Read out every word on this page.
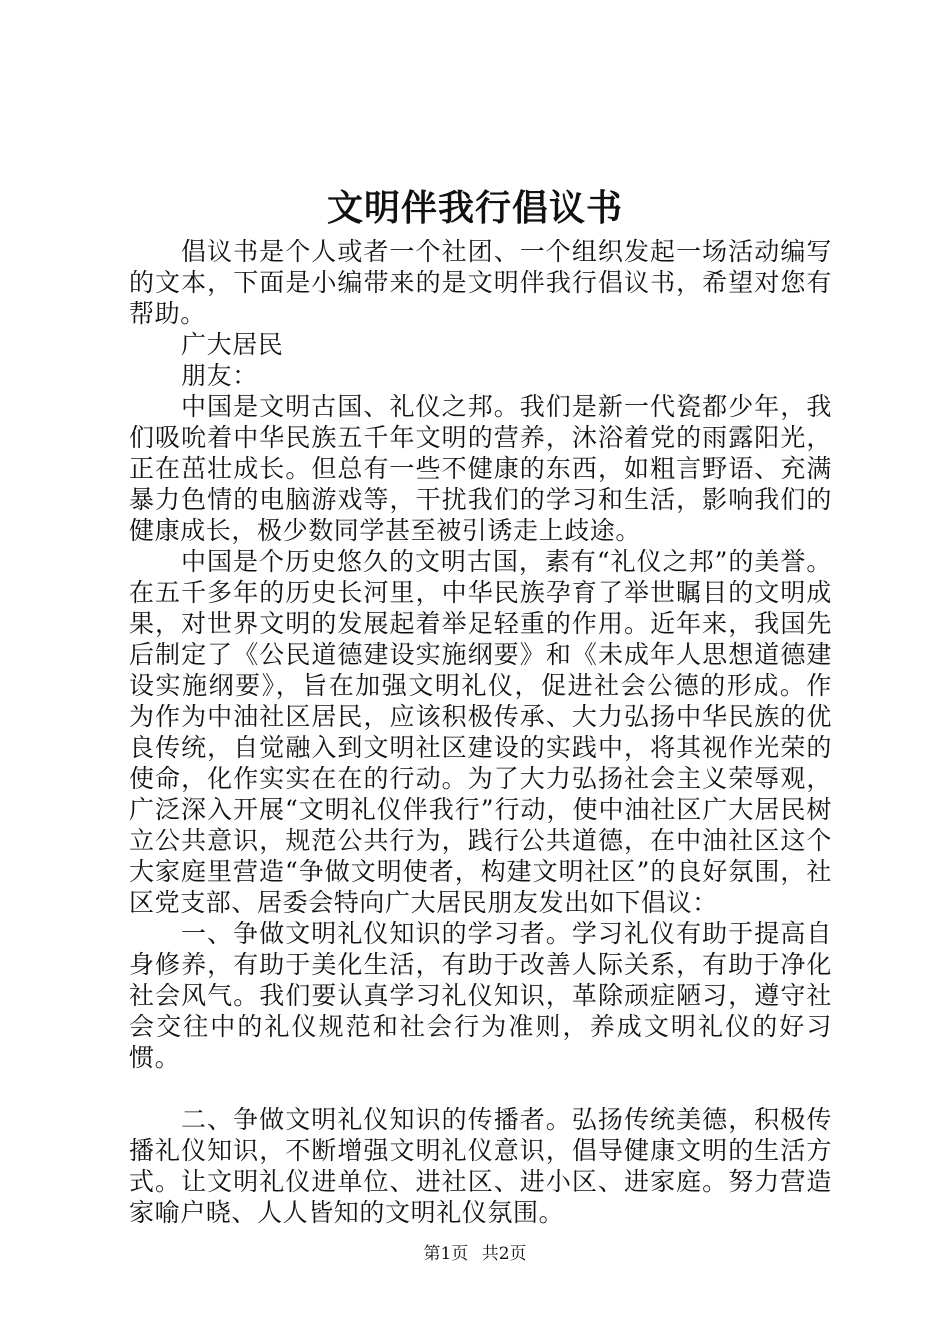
文明伴我行倡议书

倡议书是个人或者一个社团、一个组织发起一场活动编写的文本，下面是小编带来的是文明伴我行倡议书，希望对您有帮助。

广大居民

朋友：

中国是文明古国、礼仪之邦。我们是新一代瓷都少年，我们吸吮着中华民族五千年文明的营养，沐浴着党的雨露阳光，正在茁壮成长。但总有一些不健康的东西，如粗言野语、充满暴力色情的电脑游戏等，干扰我们的学习和生活，影响我们的健康成长，极少数同学甚至被引诱走上歧途。

中国是个历史悠久的文明古国，素有“礼仪之邦”的美誉。在五千多年的历史长河里，中华民族孕育了举世瞩目的文明成果，对世界文明的发展起着举足轻重的作用。近年来，我国先后制定了《公民道德建设实施纲要》和《未成年人思想道德建设实施纲要》，旨在加强文明礼仪，促进社会公德的形成。作为作为中油社区居民，应该积极传承、大力弘扬中华民族的优良传统，自觉融入到文明社区建设的实践中，将其视作光荣的使命，化作实实在在的行动。为了大力弘扬社会主义荣辱观，广泛深入开展“文明礼仪伴我行”行动，使中油社区广大居民树立公共意识，规范公共行为，践行公共道德，在中油社区这个大家庭里营造“争做文明使者，构建文明社区”的良好氛围，社区党支部、居委会特向广大居民朋友发出如下倡议：

一、争做文明礼仪知识的学习者。学习礼仪有助于提高自身修养，有助于美化生活，有助于改善人际关系，有助于净化社会风气。我们要认真学习礼仪知识，革除顽症陋习，遵守社会交往中的礼仪规范和社会行为准则，养成文明礼仪的好习惯。

二、争做文明礼仪知识的传播者。弘扬传统美德，积极传播礼仪知识，不断增强文明礼仪意识，倡导健康文明的生活方式。让文明礼仪进单位、进社区、进小区、进家庭。努力营造家喻户晓、人人皆知的文明礼仪氛围。

第1页 共2页
